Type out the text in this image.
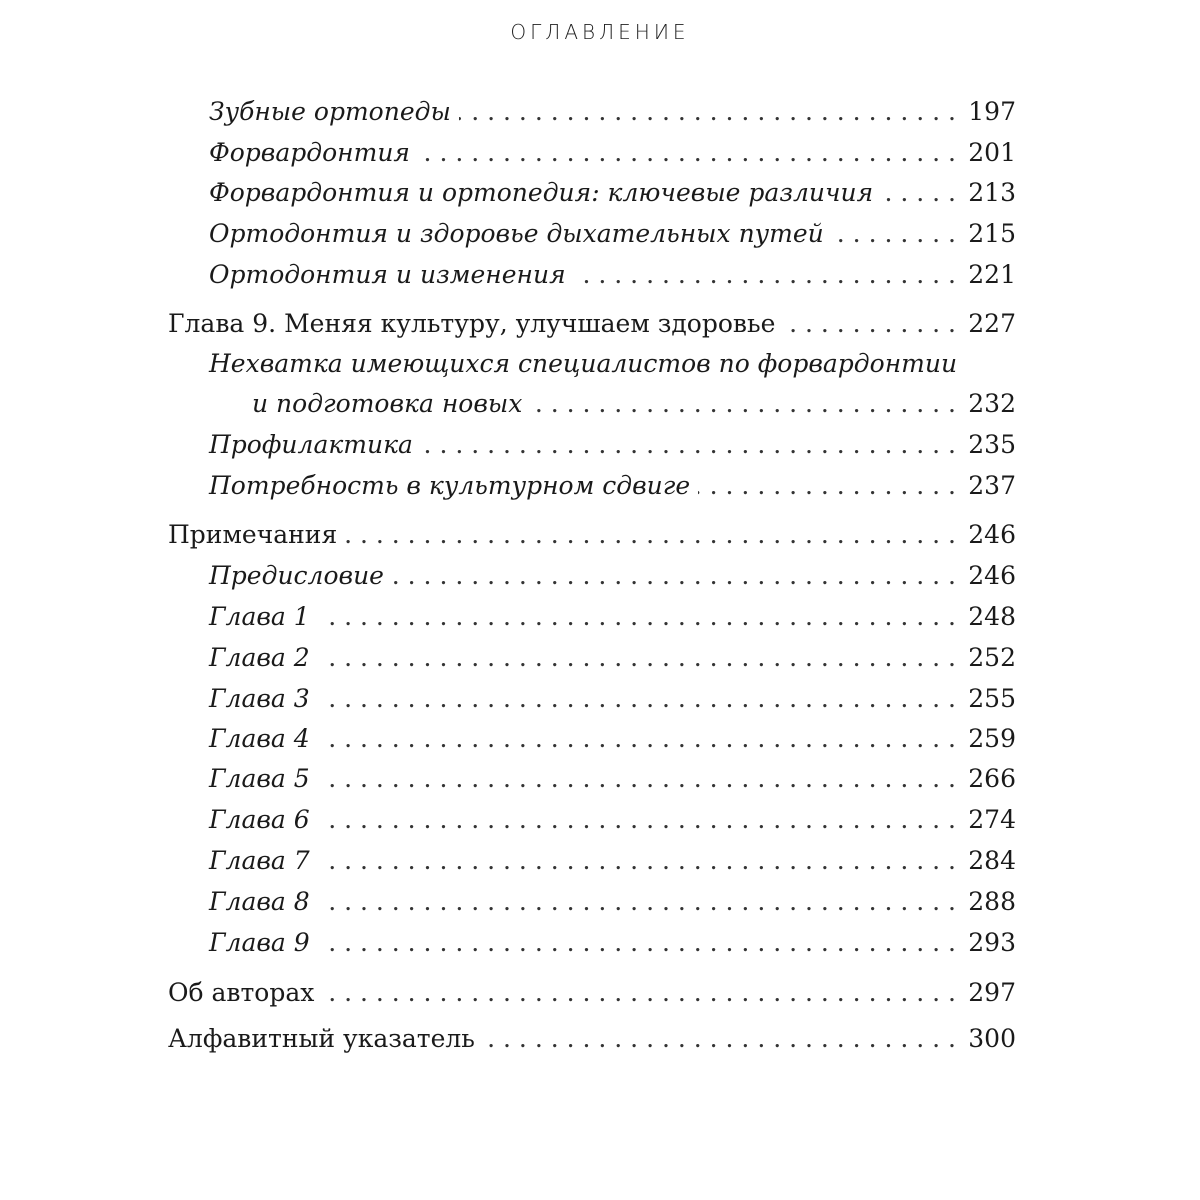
ОГЛАВЛЕНИЕ
Зубные ортопеды . . .	197
Форвардонтия . . .	201
Форвардонтия и ортопедия: ключевые различия . . .	213
Ортодонтия и здоровье дыхательных путей . . .	215
Ортодонтия и изменения . . .	221
Глава 9. Меняя культуру, улучшаем здоровье . . .	227
Нехватка имеющихся специалистов по форвардонтии
и подготовка новых . . .	232
Профилактика . . .	235
Потребность в культурном сдвиге . . .	237
Примечания . . .	246
Предисловие . . .	246
Глава 1 . . .	248
Глава 2 . . .	252
Глава 3 . . .	255
Глава 4 . . .	259
Глава 5 . . .	266
Глава 6 . . .	274
Глава 7 . . .	284
Глава 8 . . .	288
Глава 9 . . .	293
Об авторах . . .	297
Алфавитный указатель . . .	300
